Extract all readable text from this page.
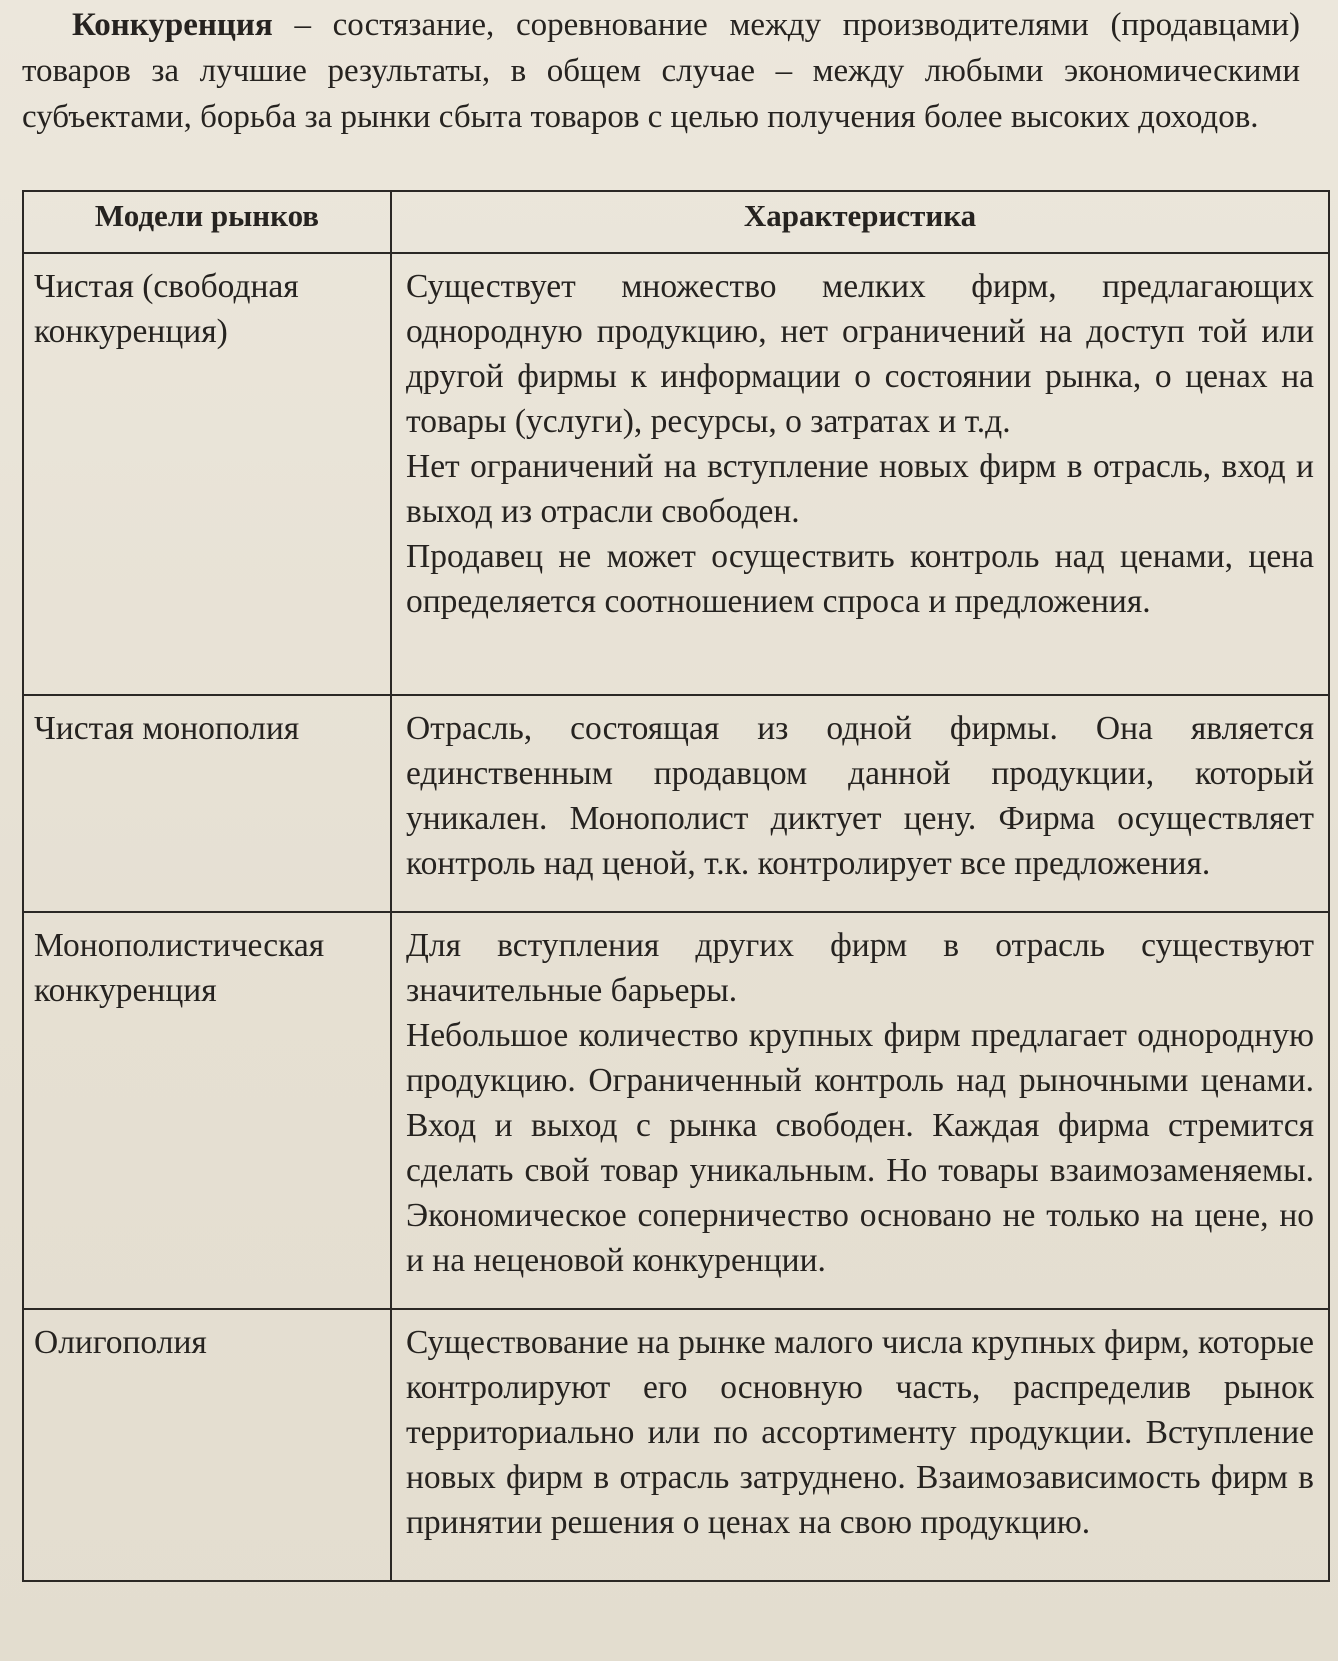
Конкуренция – состязание, соревнование между производителями (продавцами) товаров за лучшие результаты, в общем случае – между любыми экономическими субъектами, борьба за рынки сбыта товаров с целью получения более высоких доходов.
Модели рынков	Характеристика
Чистая (свободная конкуренция)	Существует множество мелких фирм, предлагающих однородную продукцию, нет ограничений на доступ той или другой фирмы к информации о состоянии рынка, о ценах на товары (услуги), ресурсы, о затратах и т.д.

Нет ограничений на вступление новых фирм в отрасль, вход и выход из отрасли свободен.

Продавец не может осуществить контроль над ценами, цена определяется соотношением спроса и предложения.

Чистая монополия	Отрасль, состоящая из одной фирмы. Она является единственным продавцом данной продукции, который уникален. Монополист диктует цену. Фирма осуществляет контроль над ценой, т.к. контролирует все предложения.

Монополистическая конкуренция	Для вступления других фирм в отрасль существуют значительные барьеры.

Небольшое количество крупных фирм предлагает однородную продукцию. Ограниченный контроль над рыночными ценами. Вход и выход с рынка свободен. Каждая фирма стремится сделать свой товар уникальным. Но товары взаимозаменяемы. Экономическое соперничество основано не только на цене, но и на неценовой конкуренции.

Олигополия	Существование на рынке малого числа крупных фирм, которые контролируют его основную часть, распределив рынок территориально или по ассортименту продукции. Вступление новых фирм в отрасль затруднено. Взаимозависимость фирм в принятии решения о ценах на свою продукцию.
